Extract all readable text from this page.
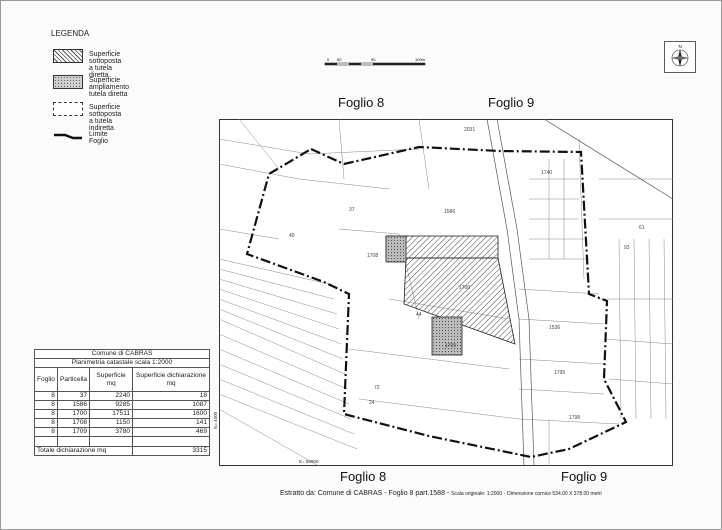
LEGENDA
Superficie sottoposta a tutela diretta
Superficie ampliamento tutela diretta
Superficie sottoposta a tutela indiretta
Limite Foglio
0 50	90	100m
N
Foglio 8	Foglio 9
Foglio 8	Foglio 9
37	1586
1700
1708
1709
44
49
24
72
1536
1795
1740
61
93
1798
2031
N= 4000
E= 58900
Comune di CABRAS			
Planimetria catastale scala 1:2000			
Foglio	Particella	Superficie mq	Superficie dichiarazione mq
8	37	2240	18
8	1586	9285	1087
8	1700	17511	1600
8	1708	1150	141
8	1709	3780	469

Totale dichiarazione mq			3315
Estratto da: Comune di CABRAS - Foglio 8 part.1588 - Scala originale: 1:2000 - Dimensione cornice 534.00 X 378.00 metri
